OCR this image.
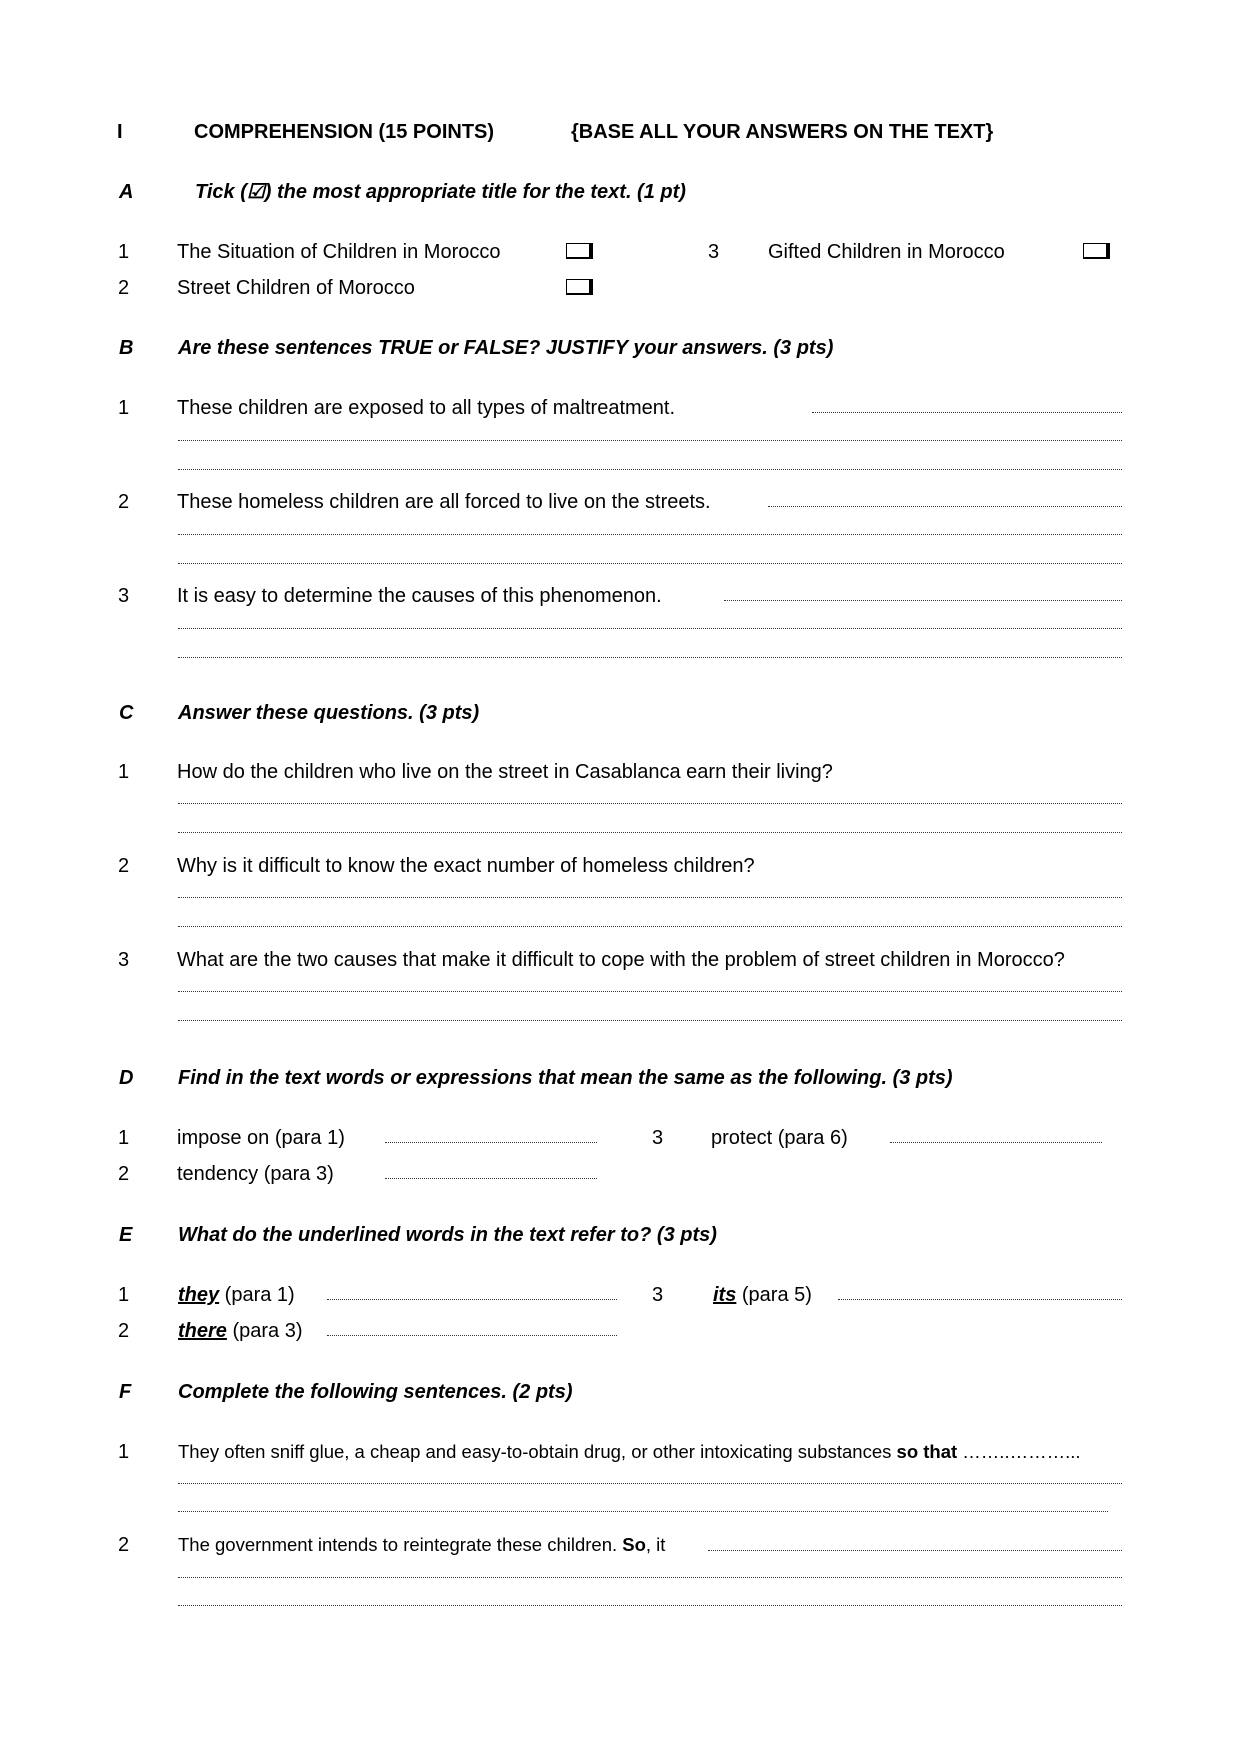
I	COMPREHENSION (15 POINTS)	{BASE ALL YOUR ANSWERS ON THE TEXT}
A	Tick (☑) the most appropriate title for the text. (1 pt)
1 The Situation of Children in Morocco	3 Gifted Children in Morocco
2 Street Children of Morocco
B Are these sentences TRUE or FALSE? JUSTIFY your answers. (3 pts)
1 These children are exposed to all types of maltreatment.
2 These homeless children are all forced to live on the streets.
3 It is easy to determine the causes of this phenomenon.
C Answer these questions. (3 pts)
1 How do the children who live on the street in Casablanca earn their living?
2 Why is it difficult to know the exact number of homeless children?
3 What are the two causes that make it difficult to cope with the problem of street children in Morocco?
D Find in the text words or expressions that mean the same as the following. (3 pts)
1 impose on (para 1)	3 protect (para 6)
2 tendency (para 3)
E What do the underlined words in the text refer to? (3 pts)
1 they (para 1)	3 its (para 5)
2 there (para 3)
F Complete the following sentences. (2 pts)
1	They often sniff glue, a cheap and easy-to-obtain drug, or other intoxicating substances so that ……..………...
2	The government intends to reintegrate these children. So, it
